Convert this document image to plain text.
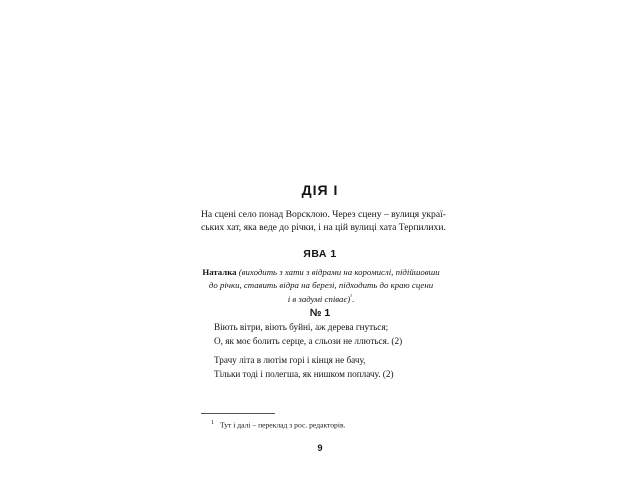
ДІЯ І
На сцені село понад Ворсклою. Через сцену – вулиця украї-
ських хат, яка веде до річки, і на цій вулиці хата Терпилихи.
ЯВА 1
Наталка (виходить з хати з відрами на коромислі, підійшовши
до річки, ставить відра на березі, підходить до краю сцени
і в задумі співає)$^{^1}$.
№ 1
Віють вітри, віють буйні, аж дерева гнуться;
О, як моє болить серце, а сльози не ллються. (2)
Трачу літа в лютім горі і кінця не бачу,
Тільки тоді і полегша, як нишком поплачу. (2)
$^1$ Тут і далі – переклад з рос. редакторів.
9
